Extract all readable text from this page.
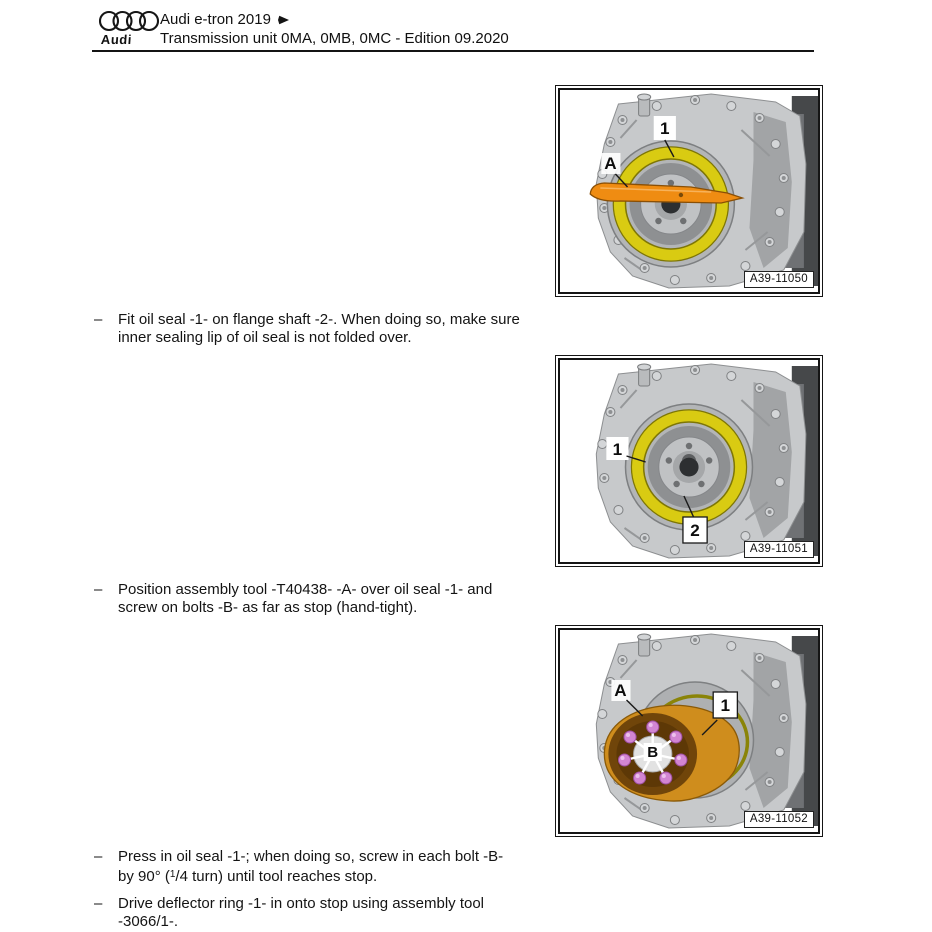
Audi
Audi e-tron 2019
Transmission unit 0MA, 0MB, 0MC - Edition 09.2020
–	Fit oil seal -1- on flange shaft -2-. When doing so, make sure
inner sealing lip of oil seal is not folded over.
–	Position assembly tool -T40438- -A- over oil seal -1- and
screw on bolts -B- as far as stop (hand-tight).
–	Press in oil seal -1-; when doing so, screw in each bolt -B-
by 90° ($^1$/4 turn) until tool reaches stop.
–	Drive deflector ring -1- in onto stop using assembly tool
-3066/1-.
1
A
A39-11050
1
2
A39-11051
B
A
1
A39-11052
